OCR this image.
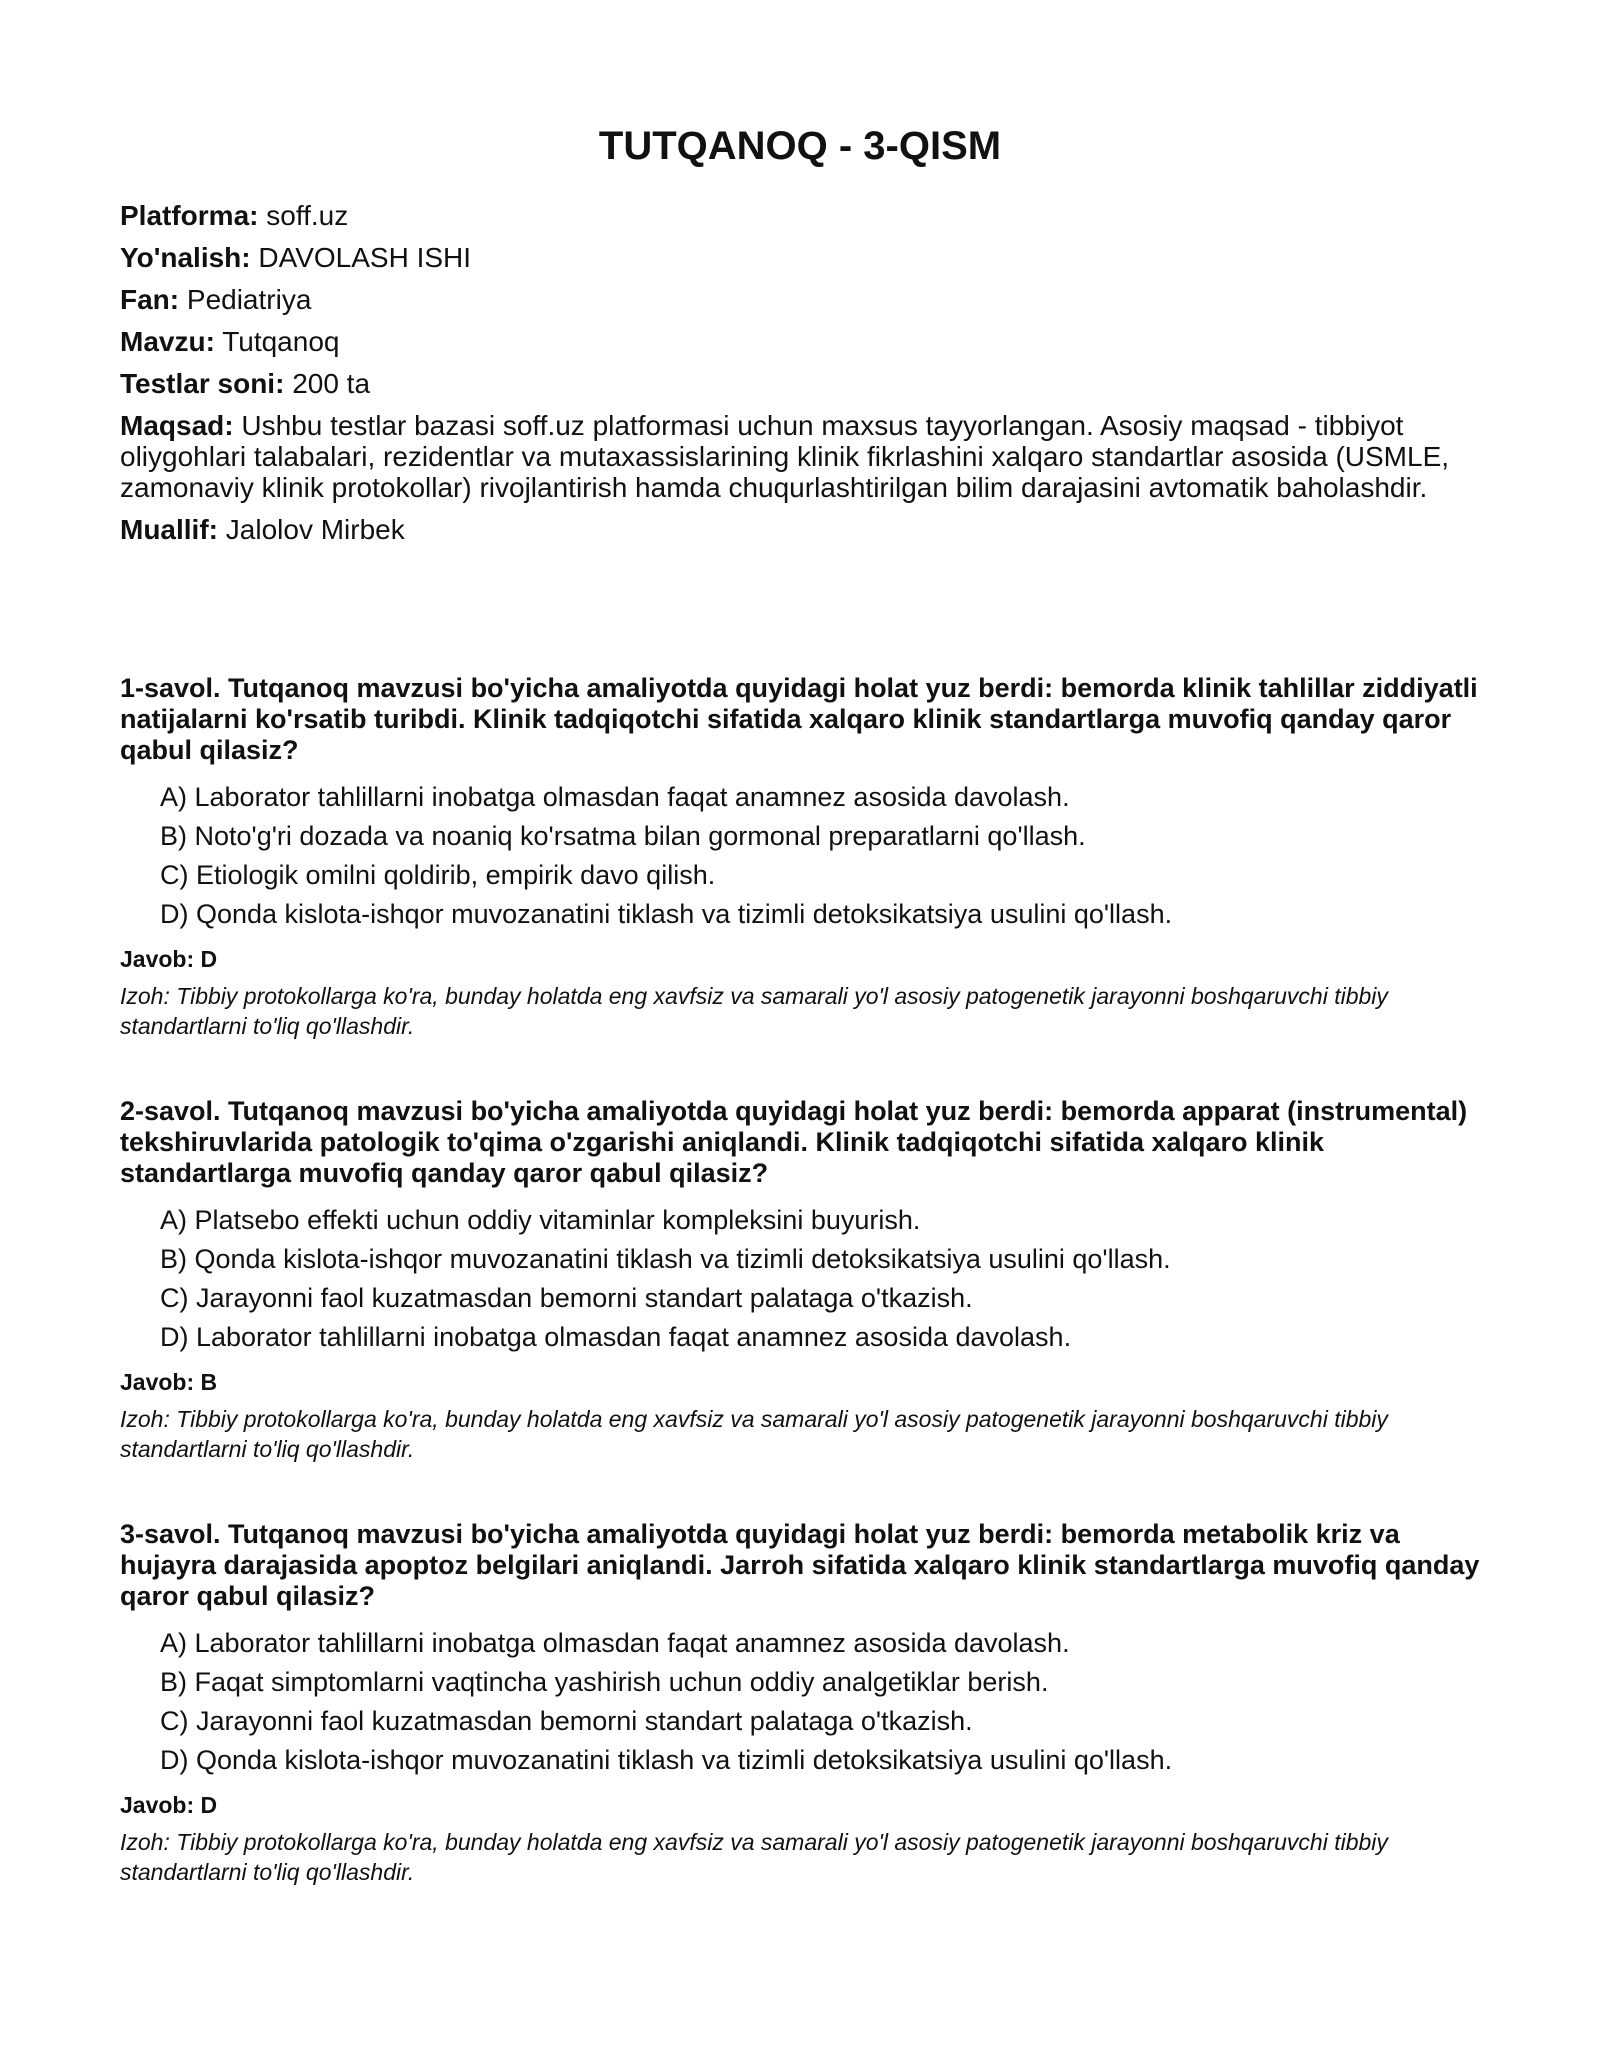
TUTQANOQ - 3-QISM

Platforma: soff.uz

Yo'nalish: DAVOLASH ISHI

Fan: Pediatriya

Mavzu: Tutqanoq

Testlar soni: 200 ta

Maqsad: Ushbu testlar bazasi soff.uz platformasi uchun maxsus tayyorlangan. Asosiy maqsad - tibbiyot oliygohlari talabalari, rezidentlar va mutaxassislarining klinik fikrlashini xalqaro standartlar asosida (USMLE, zamonaviy klinik protokollar) rivojlantirish hamda chuqurlashtirilgan bilim darajasini avtomatik baholashdir.

Muallif: Jalolov Mirbek

1-savol. Tutqanoq mavzusi bo'yicha amaliyotda quyidagi holat yuz berdi: bemorda klinik tahlillar ziddiyatli natijalarni ko'rsatib turibdi. Klinik tadqiqotchi sifatida xalqaro klinik standartlarga muvofiq qanday qaror qabul qilasiz?

A) Laborator tahlillarni inobatga olmasdan faqat anamnez asosida davolash.
B) Noto'g'ri dozada va noaniq ko'rsatma bilan gormonal preparatlarni qo'llash.
C) Etiologik omilni qoldirib, empirik davo qilish.
D) Qonda kislota-ishqor muvozanatini tiklash va tizimli detoksikatsiya usulini qo'llash.

Javob: D

Izoh: Tibbiy protokollarga ko'ra, bunday holatda eng xavfsiz va samarali yo'l asosiy patogenetik jarayonni boshqaruvchi tibbiy standartlarni to'liq qo'llashdir.

2-savol. Tutqanoq mavzusi bo'yicha amaliyotda quyidagi holat yuz berdi: bemorda apparat (instrumental) tekshiruvlarida patologik to'qima o'zgarishi aniqlandi. Klinik tadqiqotchi sifatida xalqaro klinik standartlarga muvofiq qanday qaror qabul qilasiz?

A) Platsebo effekti uchun oddiy vitaminlar kompleksini buyurish.
B) Qonda kislota-ishqor muvozanatini tiklash va tizimli detoksikatsiya usulini qo'llash.
C) Jarayonni faol kuzatmasdan bemorni standart palataga o'tkazish.
D) Laborator tahlillarni inobatga olmasdan faqat anamnez asosida davolash.

Javob: B

Izoh: Tibbiy protokollarga ko'ra, bunday holatda eng xavfsiz va samarali yo'l asosiy patogenetik jarayonni boshqaruvchi tibbiy standartlarni to'liq qo'llashdir.

3-savol. Tutqanoq mavzusi bo'yicha amaliyotda quyidagi holat yuz berdi: bemorda metabolik kriz va hujayra darajasida apoptoz belgilari aniqlandi. Jarroh sifatida xalqaro klinik standartlarga muvofiq qanday qaror qabul qilasiz?

A) Laborator tahlillarni inobatga olmasdan faqat anamnez asosida davolash.
B) Faqat simptomlarni vaqtincha yashirish uchun oddiy analgetiklar berish.
C) Jarayonni faol kuzatmasdan bemorni standart palataga o'tkazish.
D) Qonda kislota-ishqor muvozanatini tiklash va tizimli detoksikatsiya usulini qo'llash.

Javob: D

Izoh: Tibbiy protokollarga ko'ra, bunday holatda eng xavfsiz va samarali yo'l asosiy patogenetik jarayonni boshqaruvchi tibbiy standartlarni to'liq qo'llashdir.
